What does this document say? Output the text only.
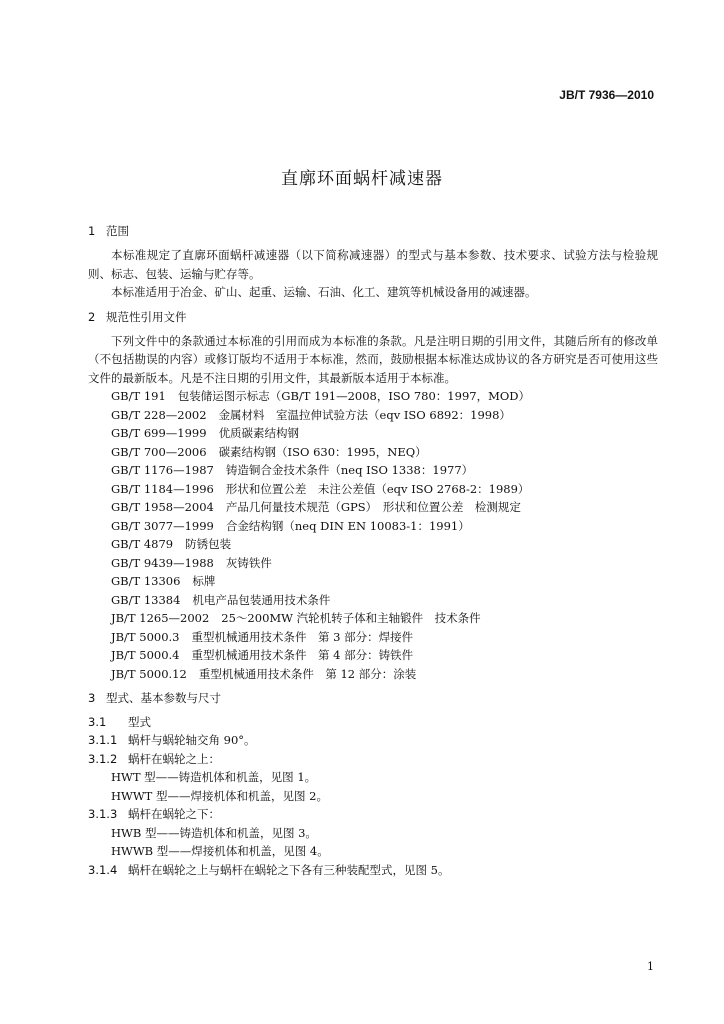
JB/T 7936—2010
直廓环面蜗杆减速器
1 范围

本标准规定了直廓环面蜗杆减速器（以下简称减速器）的型式与基本参数、技术要求、试验方法与检验规则、标志、包装、运输与贮存等。

本标准适用于冶金、矿山、起重、运输、石油、化工、建筑等机械设备用的减速器。

2 规范性引用文件

下列文件中的条款通过本标准的引用而成为本标准的条款。凡是注明日期的引用文件，其随后所有的修改单（不包括勘误的内容）或修订版均不适用于本标准，然而，鼓励根据本标准达成协议的各方研究是否可使用这些文件的最新版本。凡是不注日期的引用文件，其最新版本适用于本标准。

GB/T 191 包装储运图示标志（GB/T 191—2008，ISO 780：1997，MOD）
GB/T 228—2002 金属材料　室温拉伸试验方法（eqv ISO 6892：1998）
GB/T 699—1999 优质碳素结构钢
GB/T 700—2006 碳素结构钢（ISO 630：1995，NEQ）
GB/T 1176—1987 铸造铜合金技术条件（neq ISO 1338：1977）
GB/T 1184—1996 形状和位置公差　未注公差值（eqv ISO 2768-2：1989）
GB/T 1958—2004 产品几何量技术规范（GPS）　形状和位置公差　检测规定
GB/T 3077—1999 合金结构钢（neq DIN EN 10083-1：1991）
GB/T 4879 防锈包装
GB/T 9439—1988 灰铸铁件
GB/T 13306 标牌
GB/T 13384 机电产品包装通用技术条件
JB/T 1265—2002 25～200MW 汽轮机转子体和主轴锻件　技术条件
JB/T 5000.3 重型机械通用技术条件　第 3 部分：焊接件
JB/T 5000.4 重型机械通用技术条件　第 4 部分：铸铁件
JB/T 5000.12 重型机械通用技术条件　第 12 部分：涂装
3 型式、基本参数与尺寸
3.1 型式
3.1.1 蜗杆与蜗轮轴交角 90°。
3.1.2 蜗杆在蜗轮之上：
HWT 型——铸造机体和机盖，见图 1。
HWWT 型——焊接机体和机盖，见图 2。
3.1.3 蜗杆在蜗轮之下：
HWB 型——铸造机体和机盖，见图 3。
HWWB 型——焊接机体和机盖，见图 4。
3.1.4 蜗杆在蜗轮之上与蜗杆在蜗轮之下各有三种装配型式，见图 5。
1
